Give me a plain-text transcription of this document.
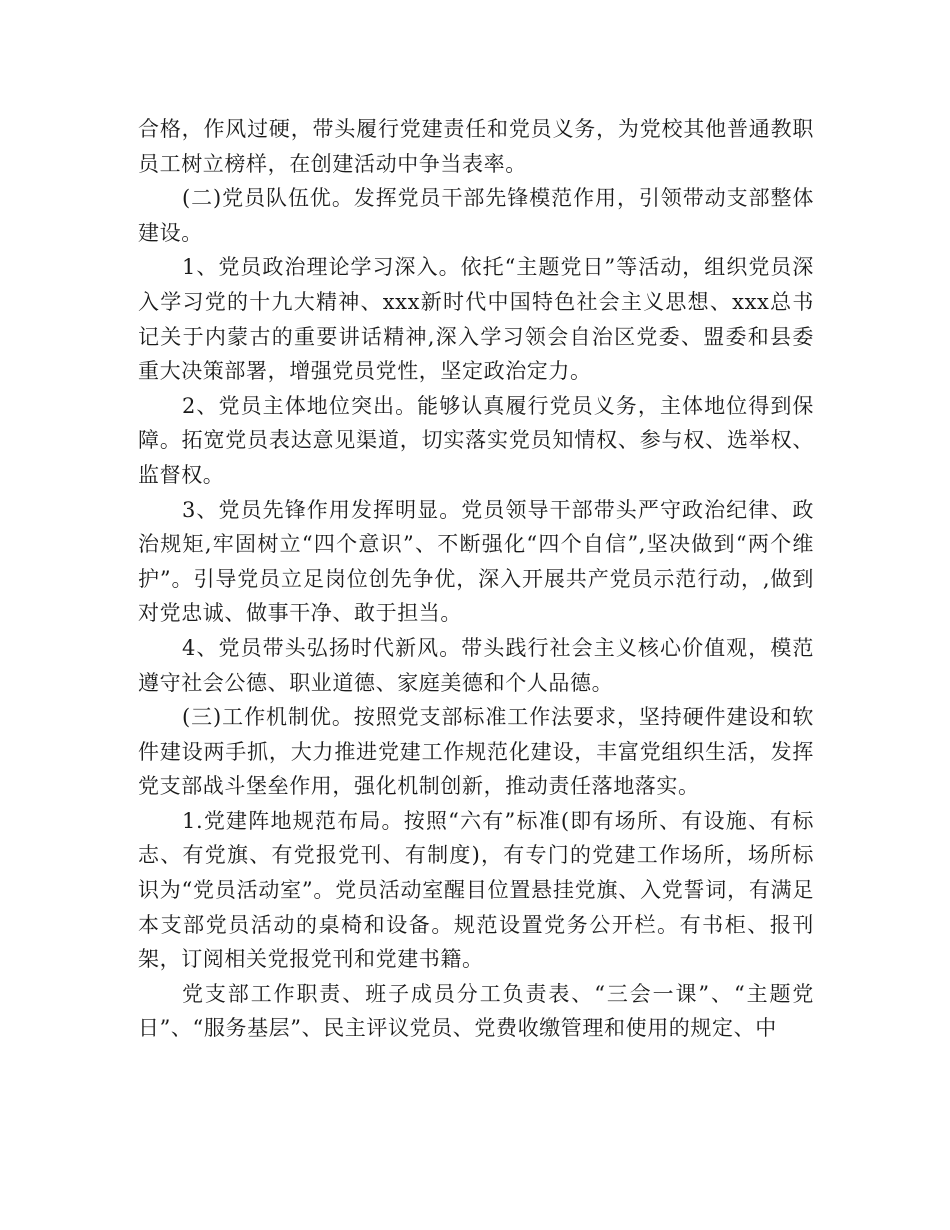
合格，作风过硬，带头履行党建责任和党员义务，为党校其他普通教职员工树立榜样，在创建活动中争当表率。

(二)党员队伍优。发挥党员干部先锋模范作用，引领带动支部整体建设。

1、党员政治理论学习深入。依托“主题党日”等活动，组织党员深入学习党的十九大精神、xxx新时代中国特色社会主义思想、xxx总书记关于内蒙古的重要讲话精神,深入学习领会自治区党委、盟委和县委重大决策部署，增强党员党性，坚定政治定力。

2、党员主体地位突出。能够认真履行党员义务，主体地位得到保障。拓宽党员表达意见渠道，切实落实党员知情权、参与权、选举权、监督权。

3、党员先锋作用发挥明显。党员领导干部带头严守政治纪律、政治规矩,牢固树立“四个意识”、不断强化“四个自信”,坚决做到“两个维护”。引导党员立足岗位创先争优，深入开展共产党员示范行动，,做到对党忠诚、做事干净、敢于担当。

4、党员带头弘扬时代新风。带头践行社会主义核心价值观，模范遵守社会公德、职业道德、家庭美德和个人品德。

(三)工作机制优。按照党支部标准工作法要求，坚持硬件建设和软件建设两手抓，大力推进党建工作规范化建设，丰富党组织生活，发挥党支部战斗堡垒作用，强化机制创新，推动责任落地落实。

1.党建阵地规范布局。按照“六有”标准(即有场所、有设施、有标志、有党旗、有党报党刊、有制度)，有专门的党建工作场所，场所标识为“党员活动室”。党员活动室醒目位置悬挂党旗、入党誓词，有满足本支部党员活动的桌椅和设备。规范设置党务公开栏。有书柜、报刊架，订阅相关党报党刊和党建书籍。

党支部工作职责、班子成员分工负责表、“三会一课”、“主题党日”、“服务基层”、民主评议党员、党费收缴管理和使用的规定、中
